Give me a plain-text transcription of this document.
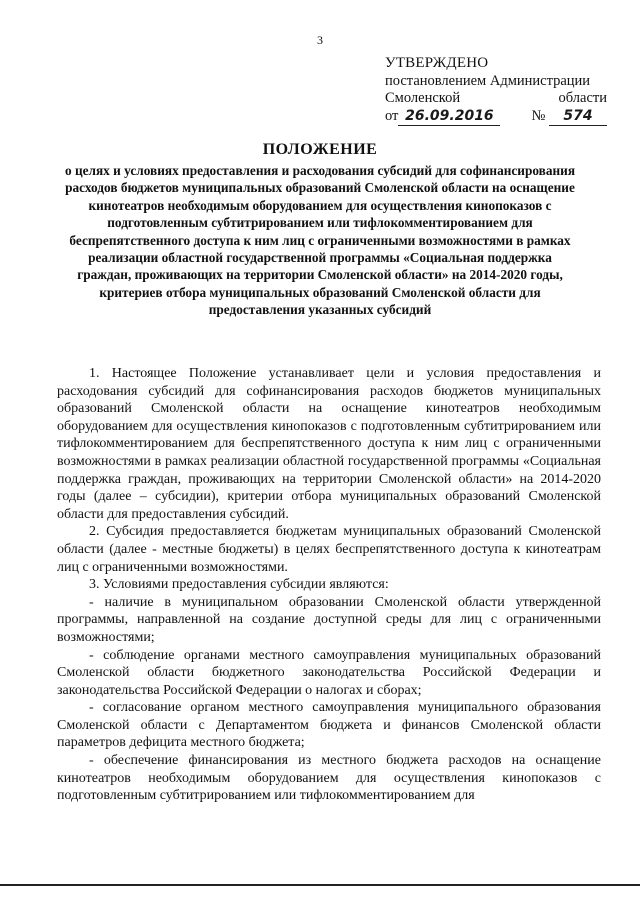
3
УТВЕРЖДЕНО
постановлением Администрации
Смоленской	области
от 26.09.2016	№ 574
ПОЛОЖЕНИЕ
о целях и условиях предоставления и расходования субсидий для софинансирования расходов бюджетов муниципальных образований Смоленской области на оснащение кинотеатров необходимым оборудованием для осуществления кинопоказов с подготовленным субтитрированием или тифлокомментированием для беспрепятственного доступа к ним лиц с ограниченными возможностями в рамках реализации областной государственной программы «Социальная поддержка граждан, проживающих на территории Смоленской области» на 2014-2020 годы, критериев отбора муниципальных образований Смоленской области для предоставления указанных субсидий

1. Настоящее Положение устанавливает цели и условия предоставления и расходования субсидий для софинансирования расходов бюджетов муниципальных образований Смоленской области на оснащение кинотеатров необходимым оборудованием для осуществления кинопоказов с подготовленным субтитрированием или тифлокомментированием для беспрепятственного доступа к ним лиц с ограниченными возможностями в рамках реализации областной государственной программы «Социальная поддержка граждан, проживающих на территории Смоленской области» на 2014-2020 годы (далее – субсидии), критерии отбора муниципальных образований Смоленской области для предоставления субсидий.

2. Субсидия предоставляется бюджетам муниципальных образований Смоленской области (далее - местные бюджеты) в целях беспрепятственного доступа к кинотеатрам лиц с ограниченными возможностями.

3. Условиями предоставления субсидии являются:

- наличие в муниципальном образовании Смоленской области утвержденной программы, направленной на создание доступной среды для лиц с ограниченными возможностями;

- соблюдение органами местного самоуправления муниципальных образований Смоленской области бюджетного законодательства Российской Федерации и законодательства Российской Федерации о налогах и сборах;

- согласование органом местного самоуправления муниципального образования Смоленской области с Департаментом бюджета и финансов Смоленской области параметров дефицита местного бюджета;

- обеспечение финансирования из местного бюджета расходов на оснащение кинотеатров необходимым оборудованием для осуществления кинопоказов с подготовленным субтитрированием или тифлокомментированием для
